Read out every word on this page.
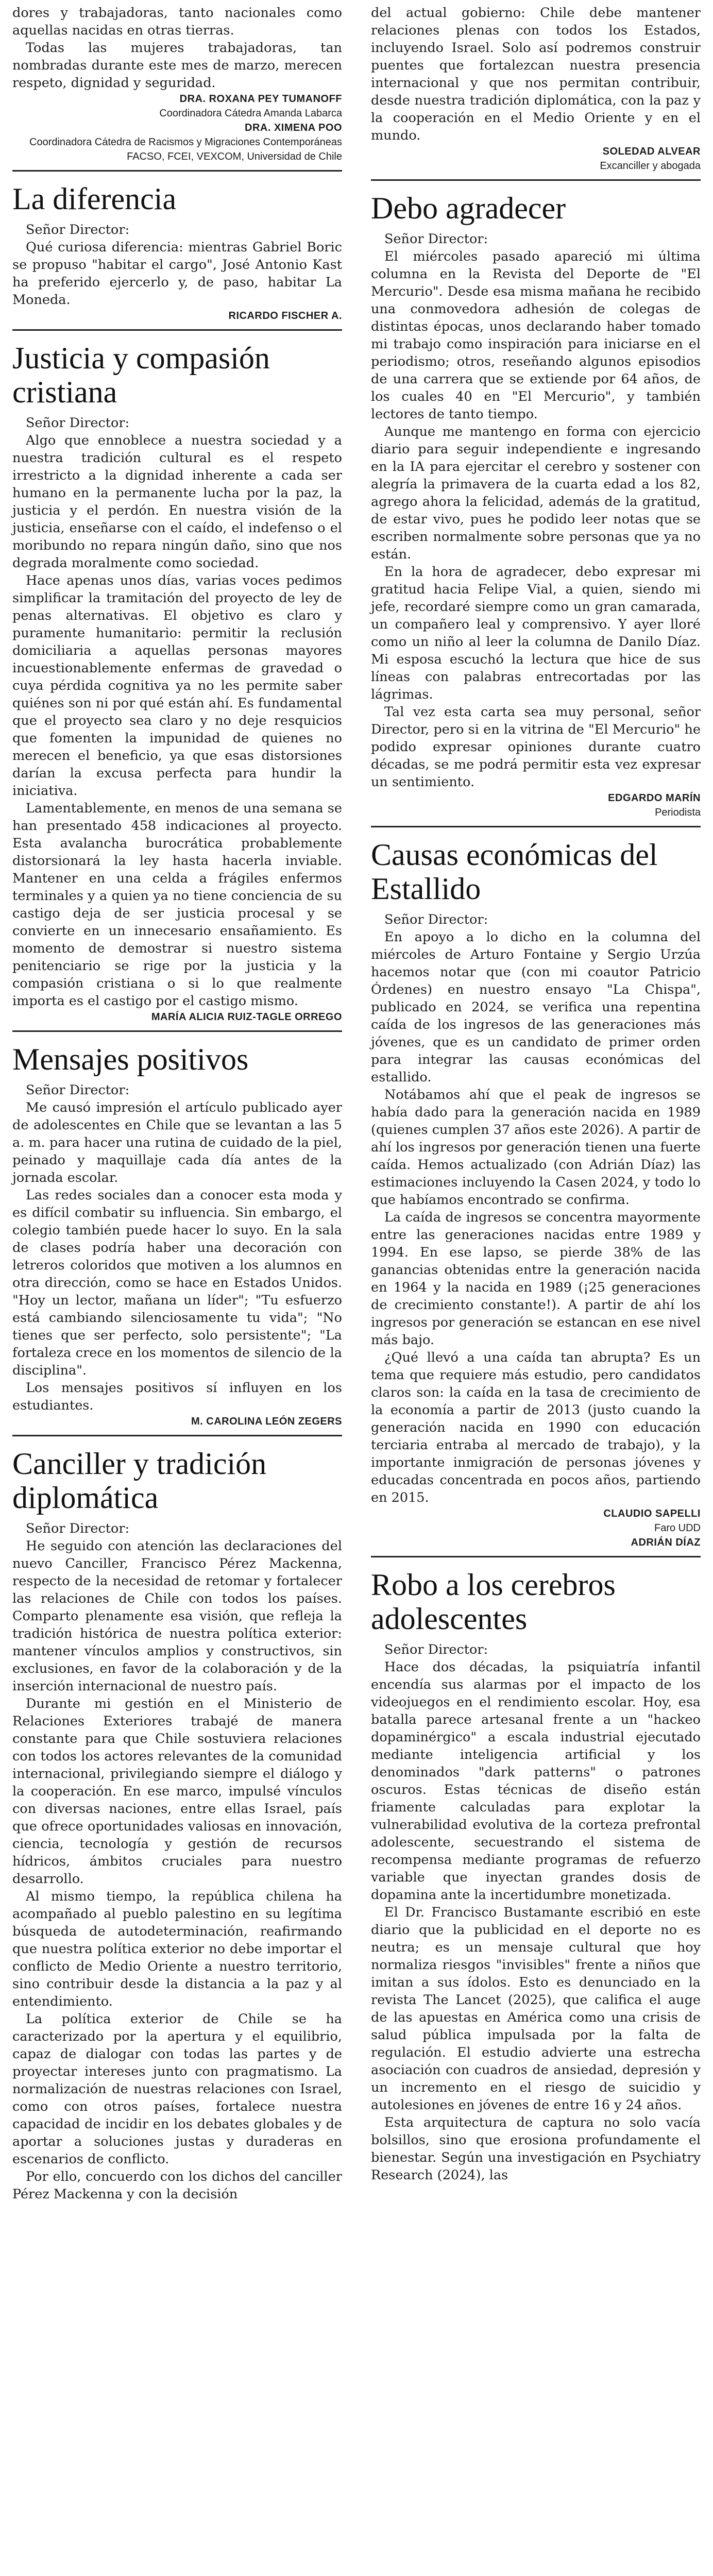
dores y trabajadoras, tanto nacionales como aquellas nacidas en otras tierras.

Todas las mujeres trabajadoras, tan nombradas durante este mes de marzo, merecen respeto, dignidad y seguridad.

DRA. ROXANA PEY TUMANOFF

Coordinadora Cátedra Amanda Labarca

DRA. XIMENA POO

Coordinadora Cátedra de Racismos y Migraciones Contemporáneas

FACSO, FCEI, VEXCOM, Universidad de Chile

La diferencia

Señor Director:

Qué curiosa diferencia: mientras Gabriel Boric se propuso "habitar el cargo", José Antonio Kast ha preferido ejercerlo y, de paso, habitar La Moneda.

RICARDO FISCHER A.

Justicia y compasión cristiana

Señor Director:

Algo que ennoblece a nuestra sociedad y a nuestra tradición cultural es el respeto irrestricto a la dignidad inherente a cada ser humano en la permanente lucha por la paz, la justicia y el perdón. En nuestra visión de la justicia, enseñarse con el caído, el indefenso o el moribundo no repara ningún daño, sino que nos degrada moralmente como sociedad.

Hace apenas unos días, varias voces pedimos simplificar la tramitación del proyecto de ley de penas alternativas. El objetivo es claro y puramente humanitario: permitir la reclusión domiciliaria a aquellas personas mayores incuestionablemente enfermas de gravedad o cuya pérdida cognitiva ya no les permite saber quiénes son ni por qué están ahí. Es fundamental que el proyecto sea claro y no deje resquicios que fomenten la impunidad de quienes no merecen el beneficio, ya que esas distorsiones darían la excusa perfecta para hundir la iniciativa.

Lamentablemente, en menos de una semana se han presentado 458 indicaciones al proyecto. Esta avalancha burocrática probablemente distorsionará la ley hasta hacerla inviable. Mantener en una celda a frágiles enfermos terminales y a quien ya no tiene conciencia de su castigo deja de ser justicia procesal y se convierte en un innecesario ensañamiento. Es momento de demostrar si nuestro sistema penitenciario se rige por la justicia y la compasión cristiana o si lo que realmente importa es el castigo por el castigo mismo.

MARÍA ALICIA RUIZ-TAGLE ORREGO

Mensajes positivos

Señor Director:

Me causó impresión el artículo publicado ayer de adolescentes en Chile que se levantan a las 5 a. m. para hacer una rutina de cuidado de la piel, peinado y maquillaje cada día antes de la jornada escolar.

Las redes sociales dan a conocer esta moda y es difícil combatir su influencia. Sin embargo, el colegio también puede hacer lo suyo. En la sala de clases podría haber una decoración con letreros coloridos que motiven a los alumnos en otra dirección, como se hace en Estados Unidos. "Hoy un lector, mañana un líder"; "Tu esfuerzo está cambiando silenciosamente tu vida"; "No tienes que ser perfecto, solo persistente"; "La fortaleza crece en los momentos de silencio de la disciplina".

Los mensajes positivos sí influyen en los estudiantes.

M. CAROLINA LEÓN ZEGERS

Canciller y tradición diplomática

Señor Director:

He seguido con atención las declaraciones del nuevo Canciller, Francisco Pérez Mackenna, respecto de la necesidad de retomar y fortalecer las relaciones de Chile con todos los países. Comparto plenamente esa visión, que refleja la tradición histórica de nuestra política exterior: mantener vínculos amplios y constructivos, sin exclusiones, en favor de la colaboración y de la inserción internacional de nuestro país.

Durante mi gestión en el Ministerio de Relaciones Exteriores trabajé de manera constante para que Chile sostuviera relaciones con todos los actores relevantes de la comunidad internacional, privilegiando siempre el diálogo y la cooperación. En ese marco, impulsé vínculos con diversas naciones, entre ellas Israel, país que ofrece oportunidades valiosas en innovación, ciencia, tecnología y gestión de recursos hídricos, ámbitos cruciales para nuestro desarrollo.

Al mismo tiempo, la república chilena ha acompañado al pueblo palestino en su legítima búsqueda de autodeterminación, reafirmando que nuestra política exterior no debe importar el conflicto de Medio Oriente a nuestro territorio, sino contribuir desde la distancia a la paz y al entendimiento.

La política exterior de Chile se ha caracterizado por la apertura y el equilibrio, capaz de dialogar con todas las partes y de proyectar intereses junto con pragmatismo. La normalización de nuestras relaciones con Israel, como con otros países, fortalece nuestra capacidad de incidir en los debates globales y de aportar a soluciones justas y duraderas en escenarios de conflicto.

Por ello, concuerdo con los dichos del canciller Pérez Mackenna y con la decisión

del actual gobierno: Chile debe mantener relaciones plenas con todos los Estados, incluyendo Israel. Solo así podremos construir puentes que fortalezcan nuestra presencia internacional y que nos permitan contribuir, desde nuestra tradición diplomática, con la paz y la cooperación en el Medio Oriente y en el mundo.

SOLEDAD ALVEAR

Excanciller y abogada

Debo agradecer

Señor Director:

El miércoles pasado apareció mi última columna en la Revista del Deporte de "El Mercurio". Desde esa misma mañana he recibido una conmovedora adhesión de colegas de distintas épocas, unos declarando haber tomado mi trabajo como inspiración para iniciarse en el periodismo; otros, reseñando algunos episodios de una carrera que se extiende por 64 años, de los cuales 40 en "El Mercurio", y también lectores de tanto tiempo.

Aunque me mantengo en forma con ejercicio diario para seguir independiente e ingresando en la IA para ejercitar el cerebro y sostener con alegría la primavera de la cuarta edad a los 82, agrego ahora la felicidad, además de la gratitud, de estar vivo, pues he podido leer notas que se escriben normalmente sobre personas que ya no están.

En la hora de agradecer, debo expresar mi gratitud hacia Felipe Vial, a quien, siendo mi jefe, recordaré siempre como un gran camarada, un compañero leal y comprensivo. Y ayer lloré como un niño al leer la columna de Danilo Díaz. Mi esposa escuchó la lectura que hice de sus líneas con palabras entrecortadas por las lágrimas.

Tal vez esta carta sea muy personal, señor Director, pero si en la vitrina de "El Mercurio" he podido expresar opiniones durante cuatro décadas, se me podrá permitir esta vez expresar un sentimiento.

EDGARDO MARÍN

Periodista

Causas económicas del Estallido

Señor Director:

En apoyo a lo dicho en la columna del miércoles de Arturo Fontaine y Sergio Urzúa hacemos notar que (con mi coautor Patricio Órdenes) en nuestro ensayo "La Chispa", publicado en 2024, se verifica una repentina caída de los ingresos de las generaciones más jóvenes, que es un candidato de primer orden para integrar las causas económicas del estallido.

Notábamos ahí que el peak de ingresos se había dado para la generación nacida en 1989 (quienes cumplen 37 años este 2026). A partir de ahí los ingresos por generación tienen una fuerte caída. Hemos actualizado (con Adrián Díaz) las estimaciones incluyendo la Casen 2024, y todo lo que habíamos encontrado se confirma.

La caída de ingresos se concentra mayormente entre las generaciones nacidas entre 1989 y 1994. En ese lapso, se pierde 38% de las ganancias obtenidas entre la generación nacida en 1964 y la nacida en 1989 (¡25 generaciones de crecimiento constante!). A partir de ahí los ingresos por generación se estancan en ese nivel más bajo.

¿Qué llevó a una caída tan abrupta? Es un tema que requiere más estudio, pero candidatos claros son: la caída en la tasa de crecimiento de la economía a partir de 2013 (justo cuando la generación nacida en 1990 con educación terciaria entraba al mercado de trabajo), y la importante inmigración de personas jóvenes y educadas concentrada en pocos años, partiendo en 2015.

CLAUDIO SAPELLI

Faro UDD

ADRIÁN DÍAZ

Robo a los cerebros adolescentes

Señor Director:

Hace dos décadas, la psiquiatría infantil encendía sus alarmas por el impacto de los videojuegos en el rendimiento escolar. Hoy, esa batalla parece artesanal frente a un "hackeo dopaminérgico" a escala industrial ejecutado mediante inteligencia artificial y los denominados "dark patterns" o patrones oscuros. Estas técnicas de diseño están friamente calculadas para explotar la vulnerabilidad evolutiva de la corteza prefrontal adolescente, secuestrando el sistema de recompensa mediante programas de refuerzo variable que inyectan grandes dosis de dopamina ante la incertidumbre monetizada.

El Dr. Francisco Bustamante escribió en este diario que la publicidad en el deporte no es neutra; es un mensaje cultural que hoy normaliza riesgos "invisibles" frente a niños que imitan a sus ídolos. Esto es denunciado en la revista The Lancet (2025), que califica el auge de las apuestas en América como una crisis de salud pública impulsada por la falta de regulación. El estudio advierte una estrecha asociación con cuadros de ansiedad, depresión y un incremento en el riesgo de suicidio y autolesiones en jóvenes de entre 16 y 24 años.

Esta arquitectura de captura no solo vacía bolsillos, sino que erosiona profundamente el bienestar. Según una investigación en Psychiatry Research (2024), las
